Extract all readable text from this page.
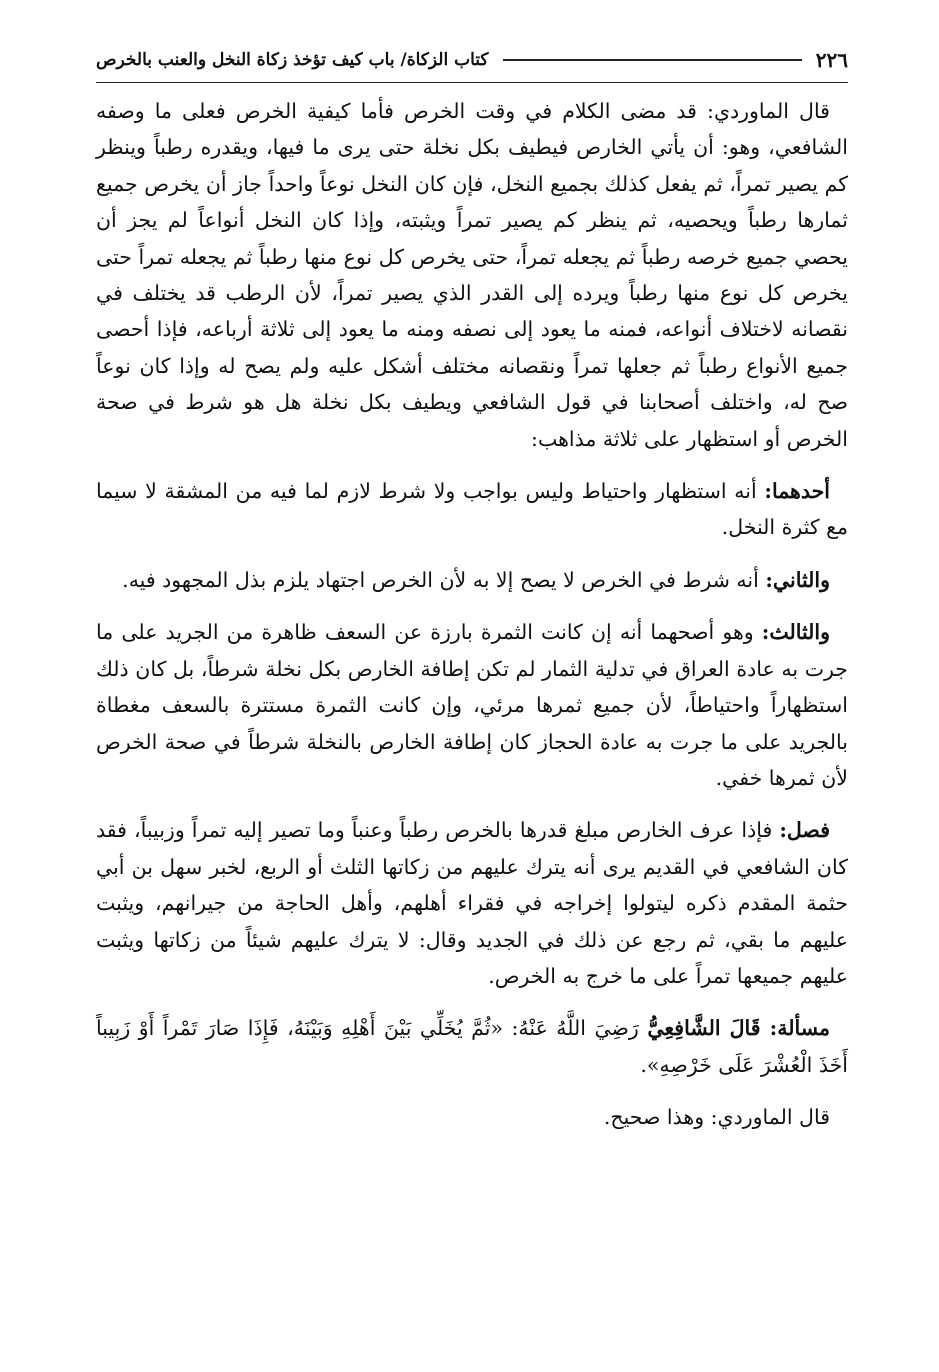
٢٢٦
كتاب الزكاة/ باب كيف تؤخذ زكاة النخل والعنب بالخرص

قال الماوردي: قد مضى الكلام في وقت الخرص فأما كيفية الخرص فعلى ما وصفه الشافعي، وهو: أن يأتي الخارص فيطيف بكل نخلة حتى يرى ما فيها، ويقدره رطباً وينظر كم يصير تمراً، ثم يفعل كذلك بجميع النخل، فإن كان النخل نوعاً واحداً جاز أن يخرص جميع ثمارها رطباً ويحصيه، ثم ينظر كم يصير تمراً ويثبته، وإذا كان النخل أنواعاً لم يجز أن يحصي جميع خرصه رطباً ثم يجعله تمراً، حتى يخرص كل نوع منها رطباً ثم يجعله تمراً حتى يخرص كل نوع منها رطباً ويرده إلى القدر الذي يصير تمراً، لأن الرطب قد يختلف في نقصانه لاختلاف أنواعه، فمنه ما يعود إلى نصفه ومنه ما يعود إلى ثلاثة أرباعه، فإذا أحصى جميع الأنواع رطباً ثم جعلها تمراً ونقصانه مختلف أشكل عليه ولم يصح له وإذا كان نوعاً صح له، واختلف أصحابنا في قول الشافعي ويطيف بكل نخلة هل هو شرط في صحة الخرص أو استظهار على ثلاثة مذاهب:

أحدهما: أنه استظهار واحتياط وليس بواجب ولا شرط لازم لما فيه من المشقة لا سيما مع كثرة النخل.

والثاني: أنه شرط في الخرص لا يصح إلا به لأن الخرص اجتهاد يلزم بذل المجهود فيه.

والثالث: وهو أصحهما أنه إن كانت الثمرة بارزة عن السعف ظاهرة من الجريد على ما جرت به عادة العراق في تدلية الثمار لم تكن إطافة الخارص بكل نخلة شرطاً، بل كان ذلك استظهاراً واحتياطاً، لأن جميع ثمرها مرئي، وإن كانت الثمرة مستترة بالسعف مغطاة بالجريد على ما جرت به عادة الحجاز كان إطافة الخارص بالنخلة شرطاً في صحة الخرص لأن ثمرها خفي.

فصل: فإذا عرف الخارص مبلغ قدرها بالخرص رطباً وعنباً وما تصير إليه تمراً وزبيباً، فقد كان الشافعي في القديم يرى أنه يترك عليهم من زكاتها الثلث أو الربع، لخبر سهل بن أبي حثمة المقدم ذكره ليتولوا إخراجه في فقراء أهلهم، وأهل الحاجة من جيرانهم، ويثبت عليهم ما بقي، ثم رجع عن ذلك في الجديد وقال: لا يترك عليهم شيئاً من زكاتها ويثبت عليهم جميعها تمراً على ما خرج به الخرص.

مسألة: قَالَ الشَّافِعِيُّ رَضِيَ اللَّهُ عَنْهُ: «ثُمَّ يُخَلِّي بَيْنَ أَهْلِهِ وَبَيْنَهُ، فَإِذَا صَارَ تَمْراً أَوْ زَبِيباً أَخَذَ الْعُشْرَ عَلَى خَرْصِهِ».

قال الماوردي: وهذا صحيح.
